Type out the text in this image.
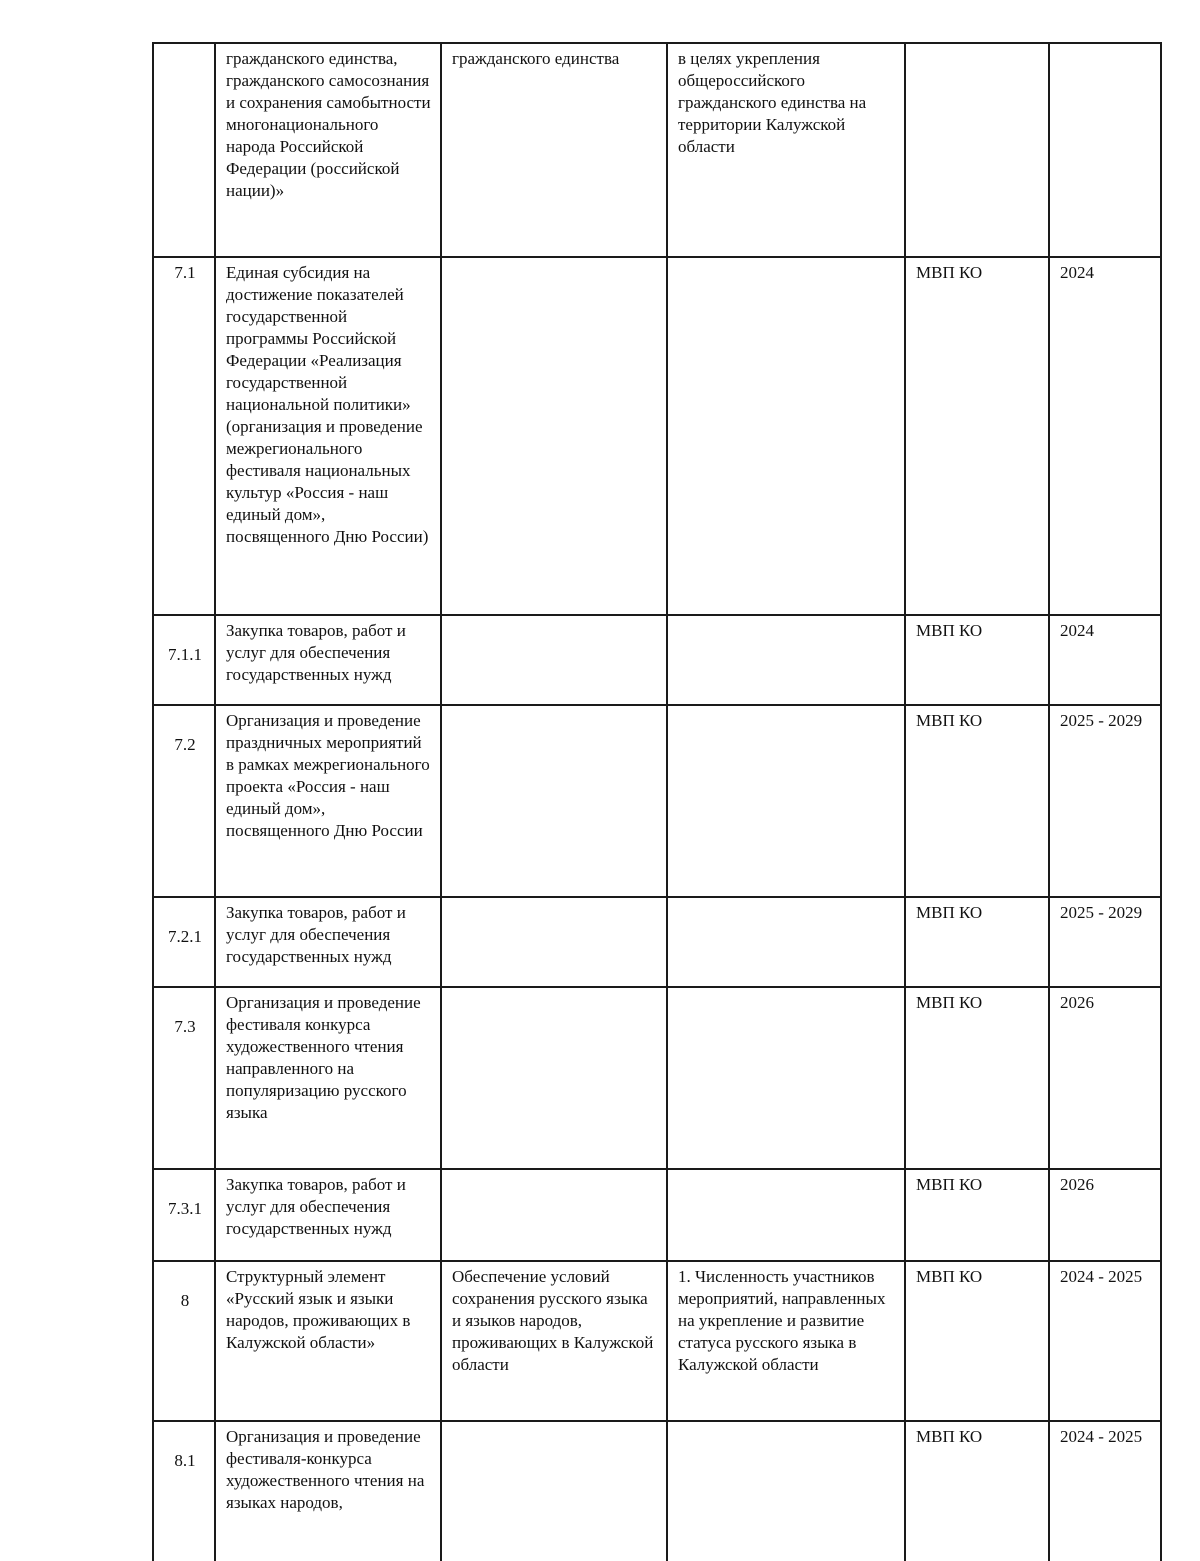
	гражданского единства, гражданского самосознания и сохранения самобытности многонационального народа Российской Федерации (российской нации)»	гражданского единства	в целях укрепления общероссийского гражданского единства на территории Калужской области		
7.1	Единая субсидия на достижение показателей государственной программы Российской Федерации «Реализация государственной национальной политики» (организация и проведение межрегионального фестиваля национальных культур «Россия - наш единый дом», посвященного Дню России)			МВП КО	2024
7.1.1	Закупка товаров, работ и услуг для обеспечения государственных нужд			МВП КО	2024
7.2	Организация и проведение праздничных мероприятий в рамках межрегионального проекта «Россия - наш единый дом», посвященного Дню России			МВП КО	2025 - 2029
7.2.1	Закупка товаров, работ и услуг для обеспечения государственных нужд			МВП КО	2025 - 2029
7.3	Организация и проведение фестиваля конкурса художественного чтения направленного на популяризацию русского языка			МВП КО	2026
7.3.1	Закупка товаров, работ и услуг для обеспечения государственных нужд			МВП КО	2026
8	Структурный элемент «Русский язык и языки народов, проживающих в Калужской области»	Обеспечение условий сохранения русского языка и языков народов, проживающих в Калужской области	1. Численность участников мероприятий, направленных на укрепление и развитие статуса русского языка в Калужской области	МВП КО	2024 - 2025
8.1	Организация и проведение фестиваля-конкурса художественного чтения на языках народов,			МВП КО	2024 - 2025
